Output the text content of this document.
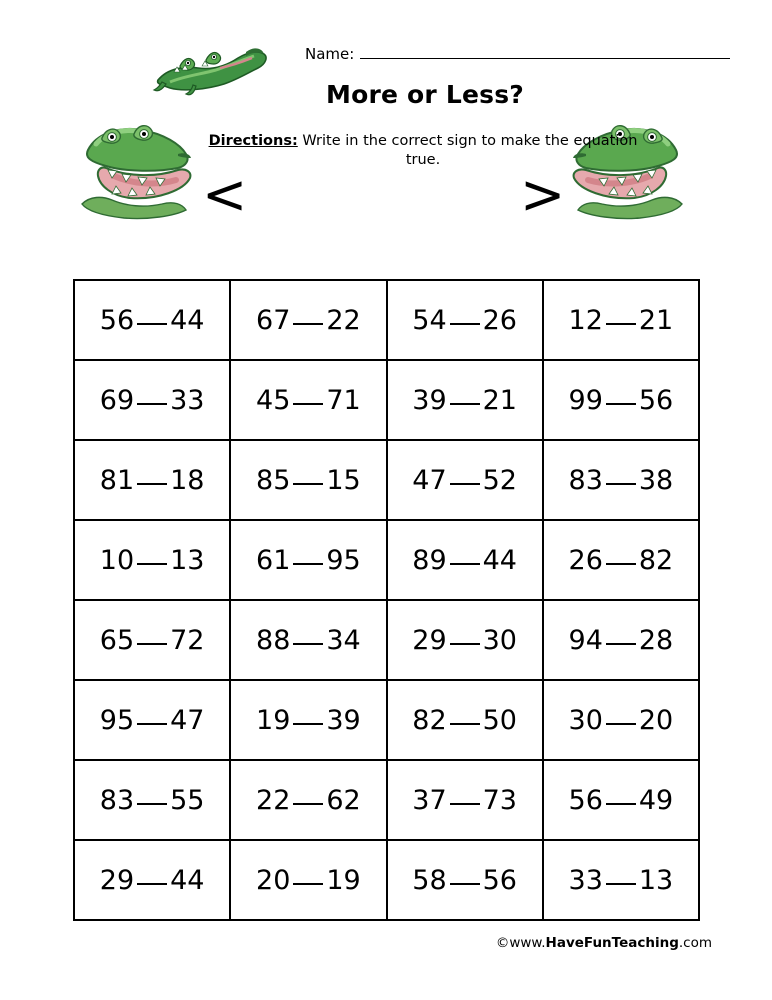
Name:
More or Less?
Directions: Write in the correct sign to make the equation true.
<	>
56 44	67 22	54 26	12 21
69 33	45 71	39 21	99 56
81 18	85 15	47 52	83 38
10 13	61 95	89 44	26 82
65 72	88 34	29 30	94 28
95 47	19 39	82 50	30 20
83 55	22 62	37 73	56 49
29 44	20 19	58 56	33 13
©www.HaveFunTeaching.com
